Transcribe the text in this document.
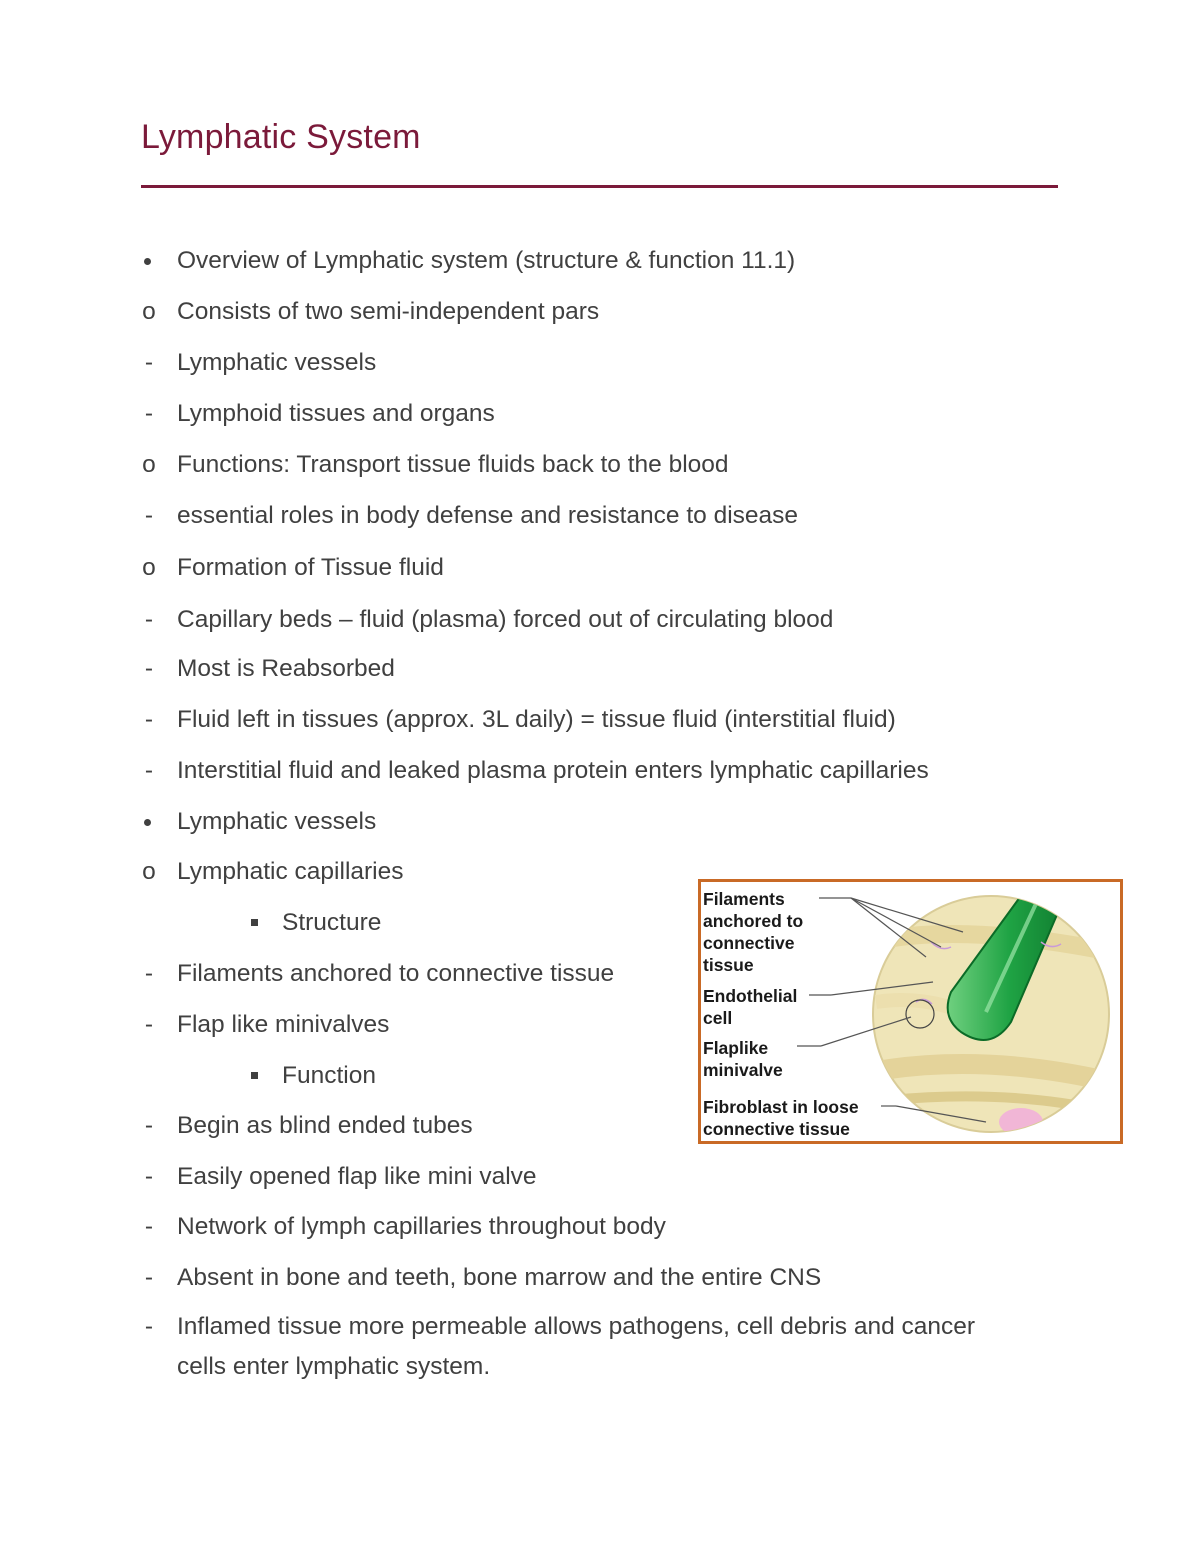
Lymphatic System
Overview of Lymphatic system (structure & function 11.1)
o Consists of two semi-independent pars
- Lymphatic vessels
- Lymphoid tissues and organs
o Functions: Transport tissue fluids back to the blood
- essential roles in body defense and resistance to disease
o Formation of Tissue fluid
- Capillary beds – fluid (plasma) forced out of circulating blood
- Most is Reabsorbed
- Fluid left in tissues (approx. 3L daily) = tissue fluid (interstitial fluid)
- Interstitial fluid and leaked plasma protein enters lymphatic capillaries
Lymphatic vessels
o Lymphatic capillaries
Structure
- Filaments anchored to connective tissue
- Flap like minivalves
Function
- Begin as blind ended tubes
- Easily opened flap like mini valve
- Network of lymph capillaries throughout body
- Absent in bone and teeth, bone marrow and the entire CNS
- Inflamed tissue more permeable allows pathogens, cell debris and cancer
cells enter lymphatic system.
Filaments
anchored to
connective
tissue
Endothelial
cell
Flaplike
minivalve
Fibroblast in loose
connective tissue
